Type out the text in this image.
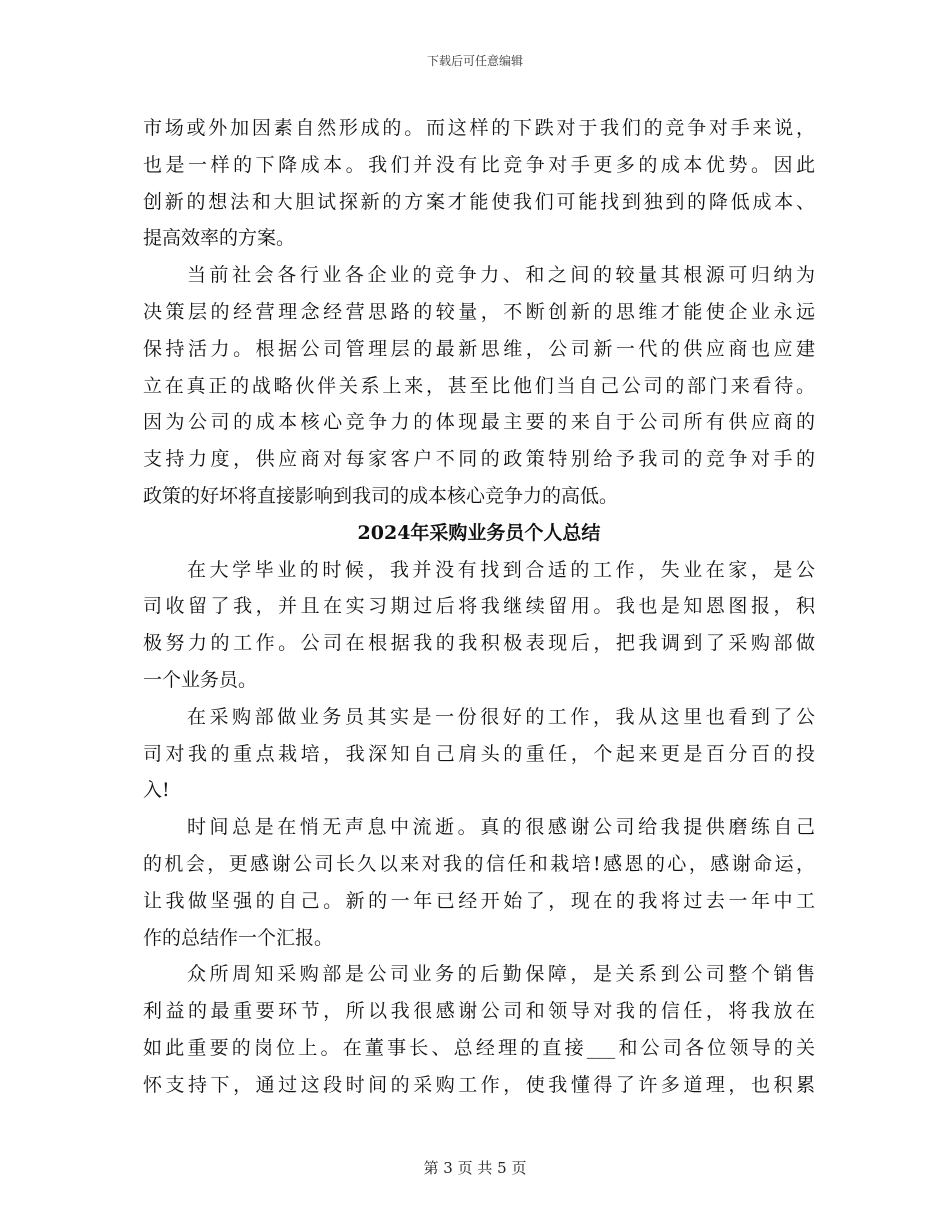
下载后可任意编辑
市场或外加因素自然形成的。而这样的下跌对于我们的竞争对手来说，
也是一样的下降成本。我们并没有比竞争对手更多的成本优势。因此
创新的想法和大胆试探新的方案才能使我们可能找到独到的降低成本、
提高效率的方案。
当前社会各行业各企业的竞争力、和之间的较量其根源可归纳为
决策层的经营理念经营思路的较量，不断创新的思维才能使企业永远
保持活力。根据公司管理层的最新思维，公司新一代的供应商也应建
立在真正的战略伙伴关系上来，甚至比他们当自己公司的部门来看待。
因为公司的成本核心竞争力的体现最主要的来自于公司所有供应商的
支持力度，供应商对每家客户不同的政策特别给予我司的竞争对手的
政策的好坏将直接影响到我司的成本核心竞争力的高低。
2024年采购业务员个人总结
在大学毕业的时候，我并没有找到合适的工作，失业在家，是公
司收留了我，并且在实习期过后将我继续留用。我也是知恩图报，积
极努力的工作。公司在根据我的我积极表现后，把我调到了采购部做
一个业务员。
在采购部做业务员其实是一份很好的工作，我从这里也看到了公
司对我的重点栽培，我深知自己肩头的重任，个起来更是百分百的投
入!
时间总是在悄无声息中流逝。真的很感谢公司给我提供磨练自己
的机会，更感谢公司长久以来对我的信任和栽培!感恩的心，感谢命运，
让我做坚强的自己。新的一年已经开始了，现在的我将过去一年中工
作的总结作一个汇报。
众所周知采购部是公司业务的后勤保障，是关系到公司整个销售
利益的最重要环节，所以我很感谢公司和领导对我的信任，将我放在
如此重要的岗位上。在董事长、总经理的直接___和公司各位领导的关
怀支持下，通过这段时间的采购工作，使我懂得了许多道理，也积累
第 3 页 共 5 页
